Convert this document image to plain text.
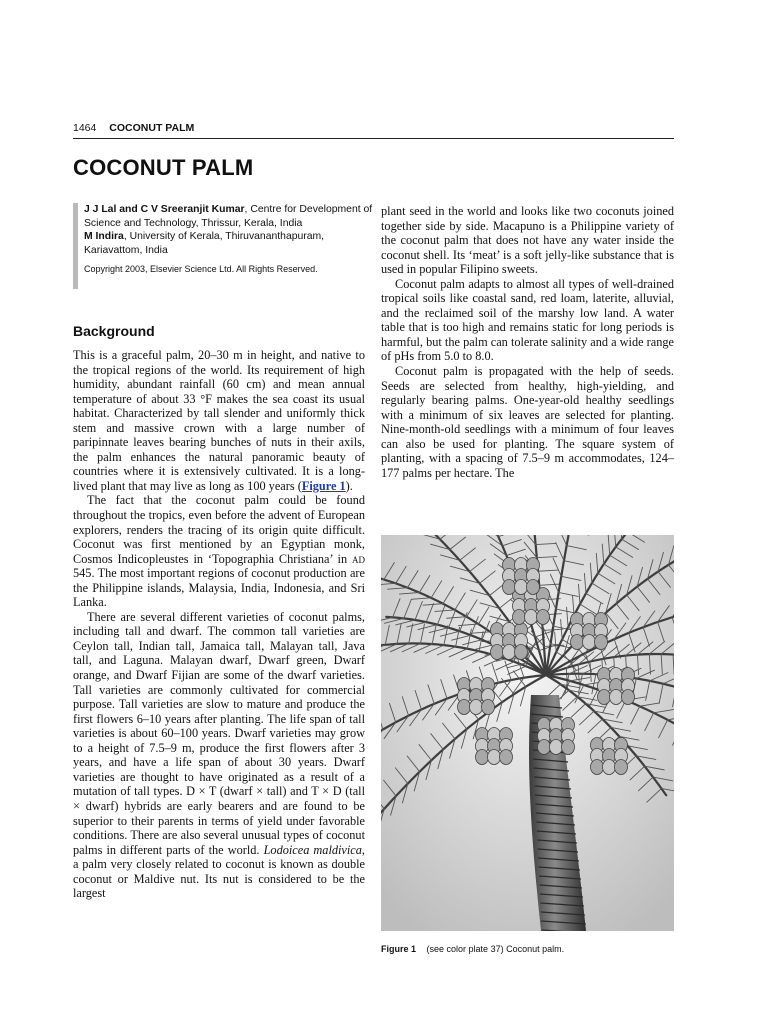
1464 COCONUT PALM
COCONUT PALM

J J Lal and C V Sreeranjit Kumar, Centre for Development of Science and Technology, Thrissur, Kerala, India

M Indira, University of Kerala, Thiruvananthapuram, Kariavattom, India

Copyright 2003, Elsevier Science Ltd. All Rights Reserved.

Background

This is a graceful palm, 20–30 m in height, and native to the tropical regions of the world. Its requirement of high humidity, abundant rainfall (60 cm) and mean annual temperature of about 33 °F makes the sea coast its usual habitat. Characterized by tall slender and uniformly thick stem and massive crown with a large number of paripinnate leaves bearing bunches of nuts in their axils, the palm enhances the natural panoramic beauty of countries where it is extensively cultivated. It is a long-lived plant that may live as long as 100 years (Figure 1).

The fact that the coconut palm could be found throughout the tropics, even before the advent of European explorers, renders the tracing of its origin quite difficult. Coconut was first mentioned by an Egyptian monk, Cosmos Indicopleustes in ‘Topographia Christiana’ in ad 545. The most important regions of coconut production are the Philippine islands, Malaysia, India, Indonesia, and Sri Lanka.

There are several different varieties of coconut palms, including tall and dwarf. The common tall varieties are Ceylon tall, Indian tall, Jamaica tall, Malayan tall, Java tall, and Laguna. Malayan dwarf, Dwarf green, Dwarf orange, and Dwarf Fijian are some of the dwarf varieties. Tall varieties are commonly cultivated for commercial purpose. Tall varieties are slow to mature and produce the first flowers 6–10 years after planting. The life span of tall varieties is about 60–100 years. Dwarf varieties may grow to a height of 7.5–9 m, produce the first flowers after 3 years, and have a life span of about 30 years. Dwarf varieties are thought to have originated as a result of a mutation of tall types. D × T (dwarf × tall) and T × D (tall × dwarf) hybrids are early bearers and are found to be superior to their parents in terms of yield under favorable conditions. There are also several unusual types of coconut palms in different parts of the world. Lodoicea maldivica, a palm very closely related to coconut is known as double coconut or Maldive nut. Its nut is considered to be the largest

plant seed in the world and looks like two coconuts joined together side by side. Macapuno is a Philippine variety of the coconut palm that does not have any water inside the coconut shell. Its ‘meat’ is a soft jelly-like substance that is used in popular Filipino sweets.

Coconut palm adapts to almost all types of well-drained tropical soils like coastal sand, red loam, laterite, alluvial, and the reclaimed soil of the marshy low land. A water table that is too high and remains static for long periods is harmful, but the palm can tolerate salinity and a wide range of pHs from 5.0 to 8.0.

Coconut palm is propagated with the help of seeds. Seeds are selected from healthy, high-yielding, and regularly bearing palms. One-year-old healthy seedlings with a minimum of six leaves are selected for planting. Nine-month-old seedlings with a minimum of four leaves can also be used for planting. The square system of planting, with a spacing of 7.5–9 m accommodates, 124–177 palms per hectare. The

Figure 1 (see color plate 37) Coconut palm.
